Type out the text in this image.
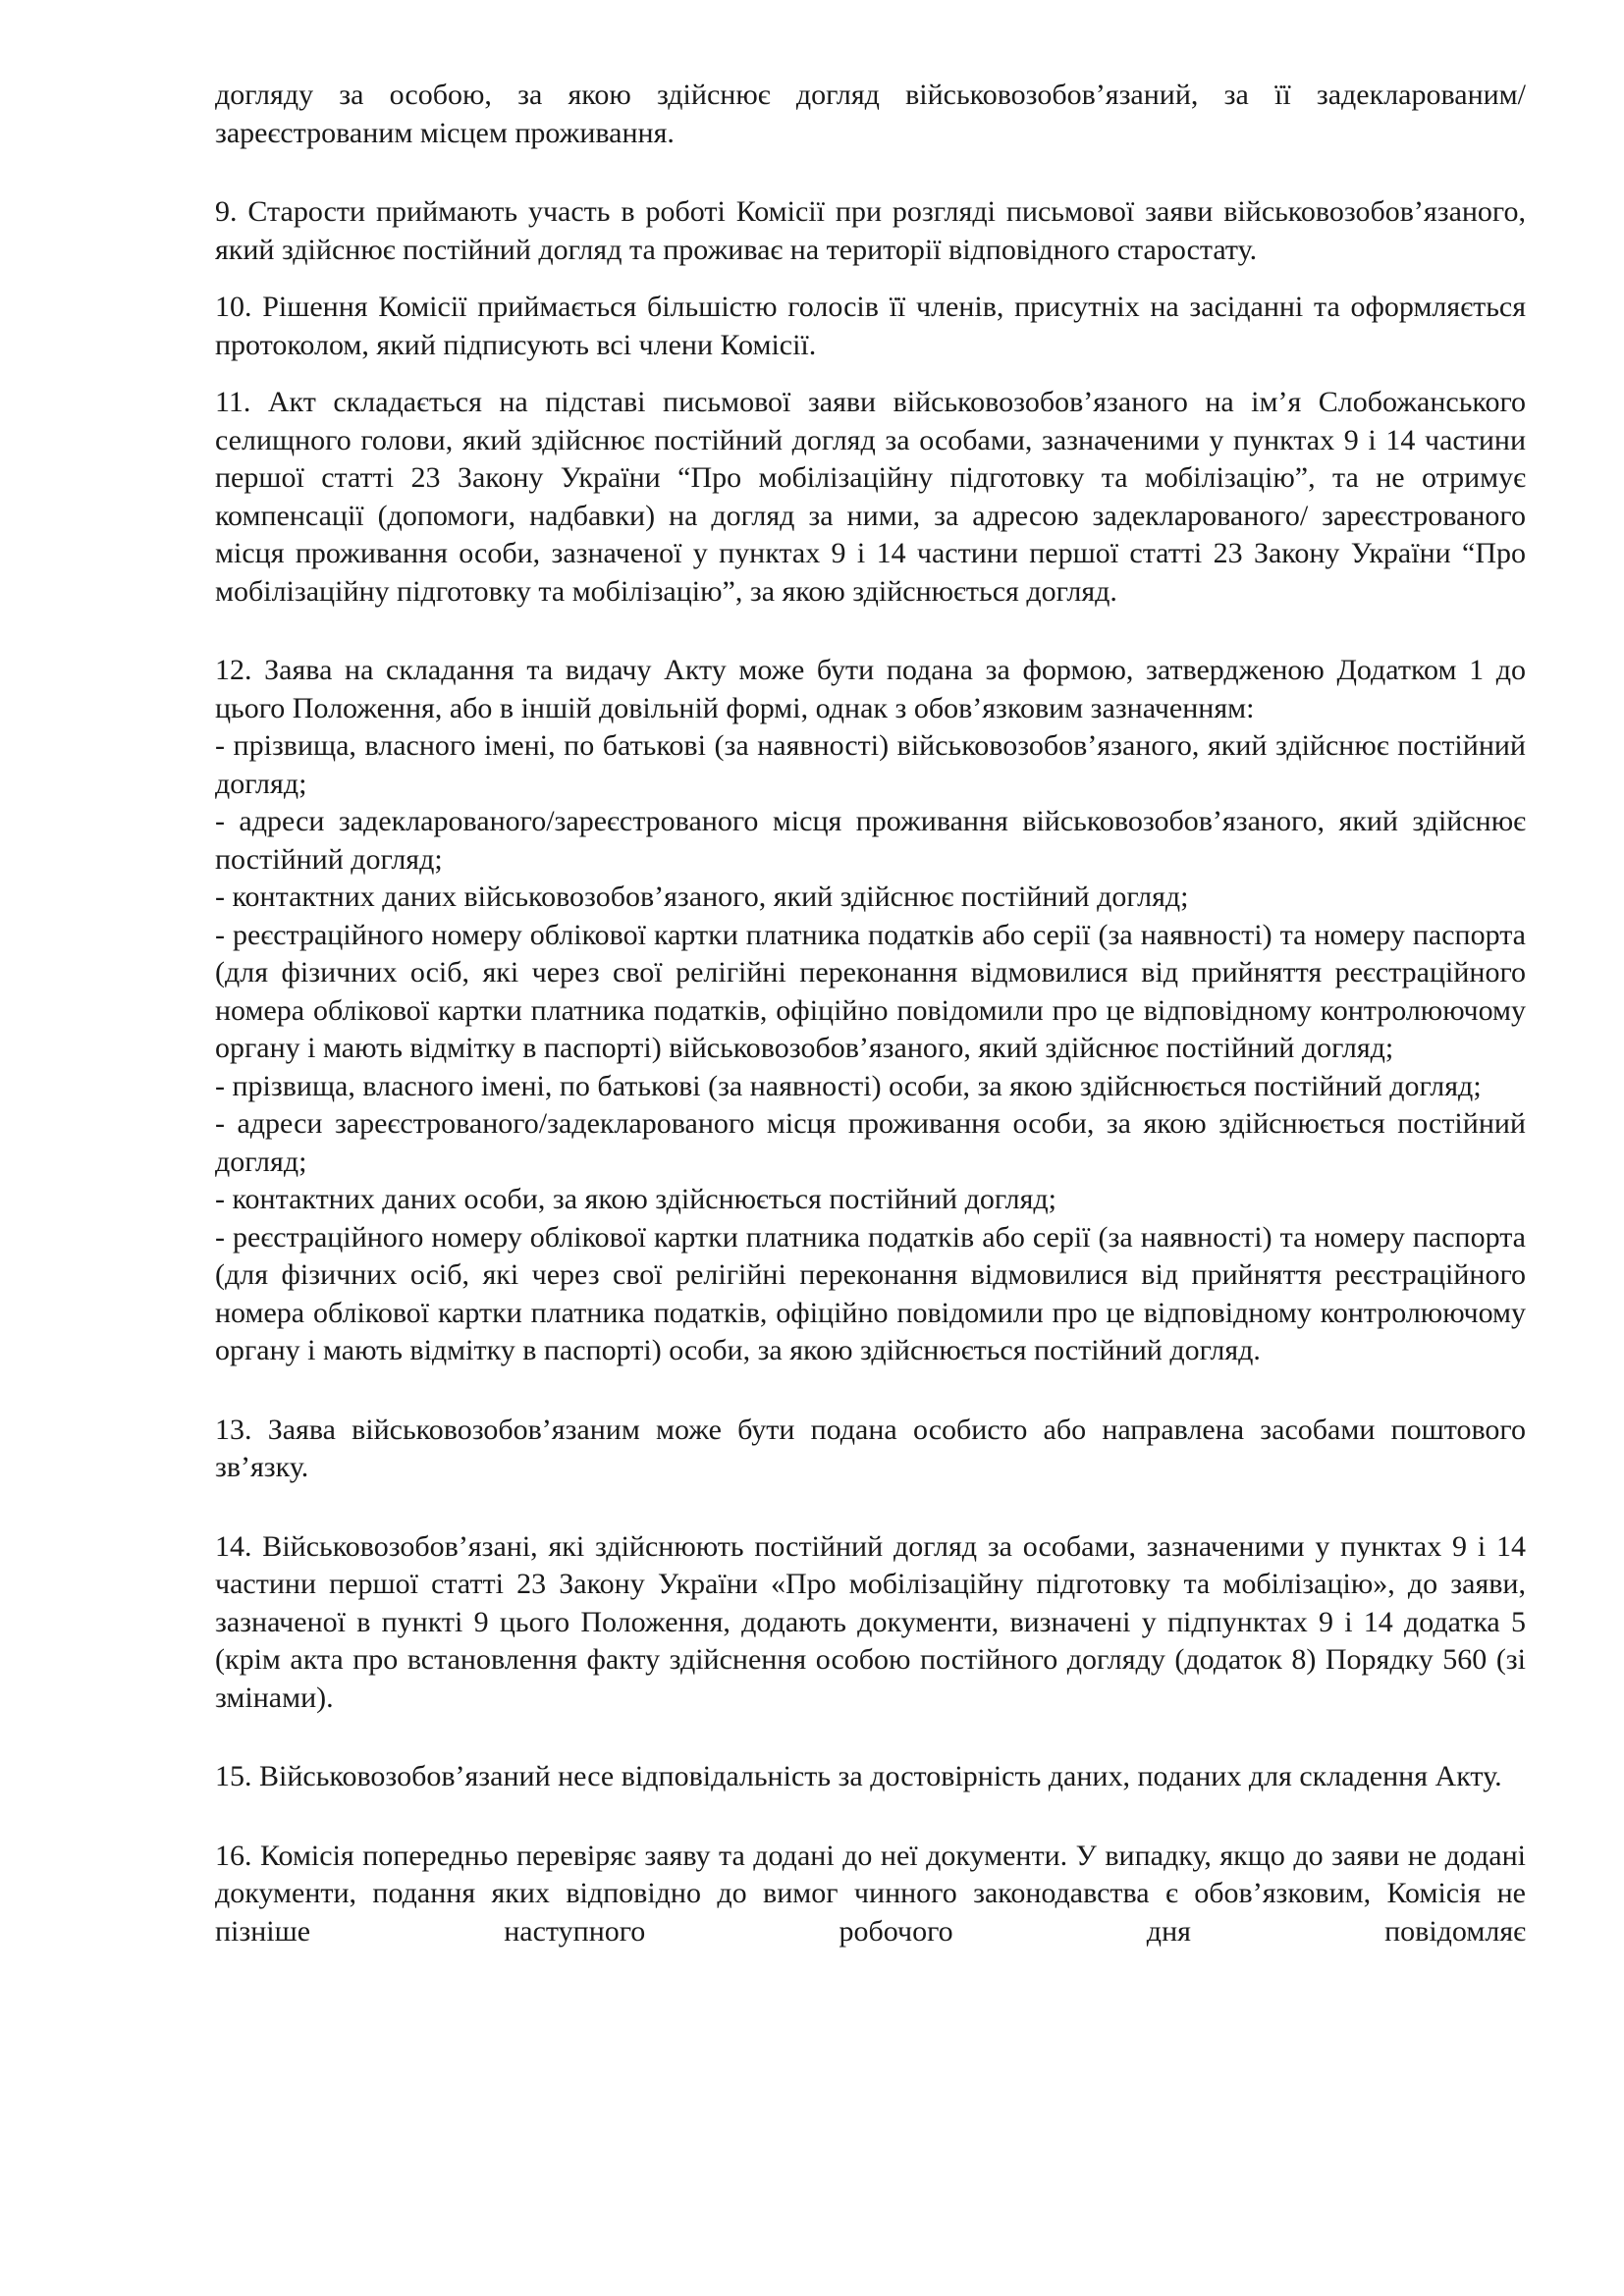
догляду за особою, за якою здійснює догляд військовозобов’язаний, за її задекларованим/зареєстрованим місцем проживання.

9. Старости приймають участь в роботі Комісії при розгляді письмової заяви військовозобов’язаного, який здійснює постійний догляд та проживає на території відповідного старостату.

10. Рішення Комісії приймається більшістю голосів її членів, присутніх на засіданні та оформляється протоколом, який підписують всі члени Комісії.

11. Акт складається на підставі письмової заяви військовозобов’язаного на ім’я Слобожанського селищного голови, який здійснює постійний догляд за особами, зазначеними у пунктах 9 і 14 частини першої статті 23 Закону України “Про мобілізаційну підготовку та мобілізацію”, та не отримує компенсації (допомоги, надбавки) на догляд за ними, за адресою задекларованого/ зареєстрованого місця проживання особи, зазначеної у пунктах 9 і 14 частини першої статті 23 Закону України “Про мобілізаційну підготовку та мобілізацію”, за якою здійснюється догляд.

12. Заява на складання та видачу Акту може бути подана за формою, затвердженою Додатком 1 до цього Положення, або в іншій довільній формі, однак з обов’язковим зазначенням:

- прізвища, власного імені, по батькові (за наявності) військовозобов’язаного, який здійснює постійний догляд;

- адреси задекларованого/зареєстрованого місця проживання військовозобов’язаного, який здійснює постійний догляд;

- контактних даних військовозобов’язаного, який здійснює постійний догляд;

- реєстраційного номеру облікової картки платника податків або серії (за наявності) та номеру паспорта (для фізичних осіб, які через свої релігійні переконання відмовилися від прийняття реєстраційного номера облікової картки платника податків, офіційно повідомили про це відповідному контролюючому органу і мають відмітку в паспорті) військовозобов’язаного, який здійснює постійний догляд;

- прізвища, власного імені, по батькові (за наявності) особи, за якою здійснюється постійний догляд;

- адреси зареєстрованого/задекларованого місця проживання особи, за якою здійснюється постійний догляд;

- контактних даних особи, за якою здійснюється постійний догляд;

- реєстраційного номеру облікової картки платника податків або серії (за наявності) та номеру паспорта (для фізичних осіб, які через свої релігійні переконання відмовилися від прийняття реєстраційного номера облікової картки платника податків, офіційно повідомили про це відповідному контролюючому органу і мають відмітку в паспорті) особи, за якою здійснюється постійний догляд.

13. Заява військовозобов’язаним може бути подана особисто або направлена засобами поштового зв’язку.

14. Військовозобов’язані, які здійснюють постійний догляд за особами, зазначеними у пунктах 9 і 14 частини першої статті 23 Закону України «Про мобілізаційну підготовку та мобілізацію», до заяви, зазначеної в пункті 9 цього Положення, додають документи, визначені у підпунктах 9 і 14 додатка 5 (крім акта про встановлення факту здійснення особою постійного догляду (додаток 8) Порядку 560 (зі змінами).

15. Військовозобов’язаний несе відповідальність за достовірність даних, поданих для складення Акту.

16. Комісія попередньо перевіряє заяву та додані до неї документи. У випадку, якщо до заяви не додані документи, подання яких відповідно до вимог чинного законодавства є обов’язковим, Комісія не пізніше наступного робочого дня повідомляє
